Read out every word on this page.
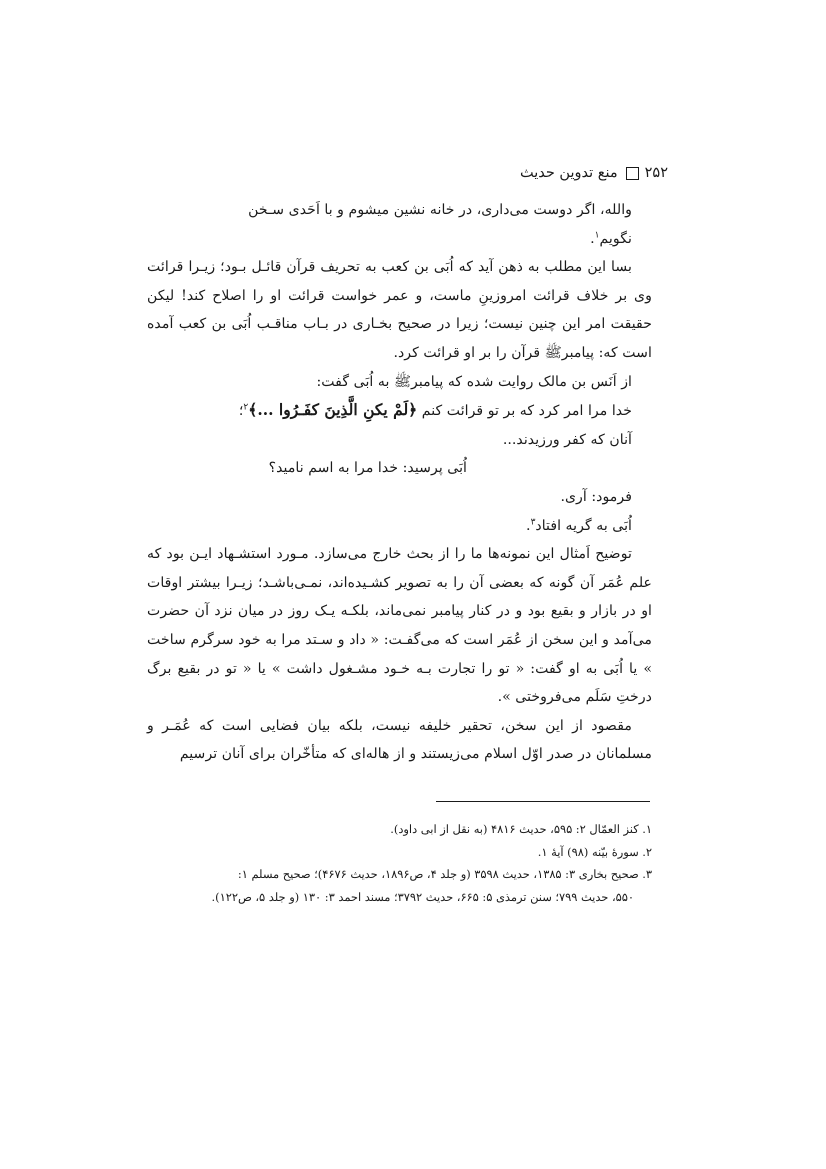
۲۵۲
منع تدوین حدیث

والله، اگر دوست می‌داری، در خانه نشین میشوم و با اَحَدی سـخن

نگویم$^۱$.

بسا این مطلب به ذهن آید که اُبَی بن کعب به تحریف قرآن قائـل بـود؛ زیـرا قرائت وی بر خلاف قرائت امروزینِ ماست، و عمر خواست قرائت او را اصلاح کند! لیکن حقیقت امر این چنین نیست؛ زیرا در صحیح بخـاری در بـاب مناقـب اُبَی بن کعب آمده است که: پیامبرﷺ قرآن را بر او قرائت کرد.

از اَنَس بن مالک روایت شده که پیامبرﷺ به اُبَی گفت:

خدا مرا امر کرد که بر تو قرائت کنم ﴿لَمْ يكنِ الَّذِينَ كفَـرُوا ...﴾$^۲$؛

آنان که کفر ورزیدند...

اُبَی پرسید: خدا مرا به اسم نامید؟

فرمود: آری.

اُبَی به گریه افتاد$^۳$.

توضیح اَمثال این نمونه‌ها ما را از بحث خارج می‌سازد. مـورد استشـهاد ایـن بود که علم عُمَر آن گونه که بعضی آن را به تصویر کشـیده‌اند، نمـی‌باشـد؛ زیـرا بیشتر اوقات او در بازار و بقیع بود و در کنار پیامبر نمی‌ماند، بلکـه یـک روز در میان نزد آن حضرت می‌آمد و این سخن از عُمَر است که می‌گفـت: « داد و سـتد مرا به خود سرگرم ساخت » یا اُبَی به او گفت: « تو را تجارت بـه خـود مشـغول داشت » یا « تو در بقیع برگ درختِ سَلَم می‌فروختی ».

مقصود از این سخن، تحقیر خلیفه نیست، بلکه بیان فضایی است که عُمَـر و مسلمانان در صدر اوّل اسلام می‌زیستند و از هاله‌ای که متأخّران برای آنان ترسیم

۱. کنز العمّال ۲: ۵۹۵، حدیث ۴۸۱۶ (به نقل از ابی داود).

۲. سورهٔ بیّنه (۹۸) آیهٔ ۱.

۳. صحیح بخاری ۳: ۱۳۸۵، حدیث ۳۵۹۸ (و جلد ۴، ص۱۸۹۶، حدیث ۴۶۷۶)؛ صحیح مسلم ۱:

۵۵۰، حدیث ۷۹۹؛ سنن ترمذی ۵: ۶۶۵، حدیث ۳۷۹۲؛ مسند احمد ۳: ۱۳۰ (و جلد ۵، ص۱۲۲).
